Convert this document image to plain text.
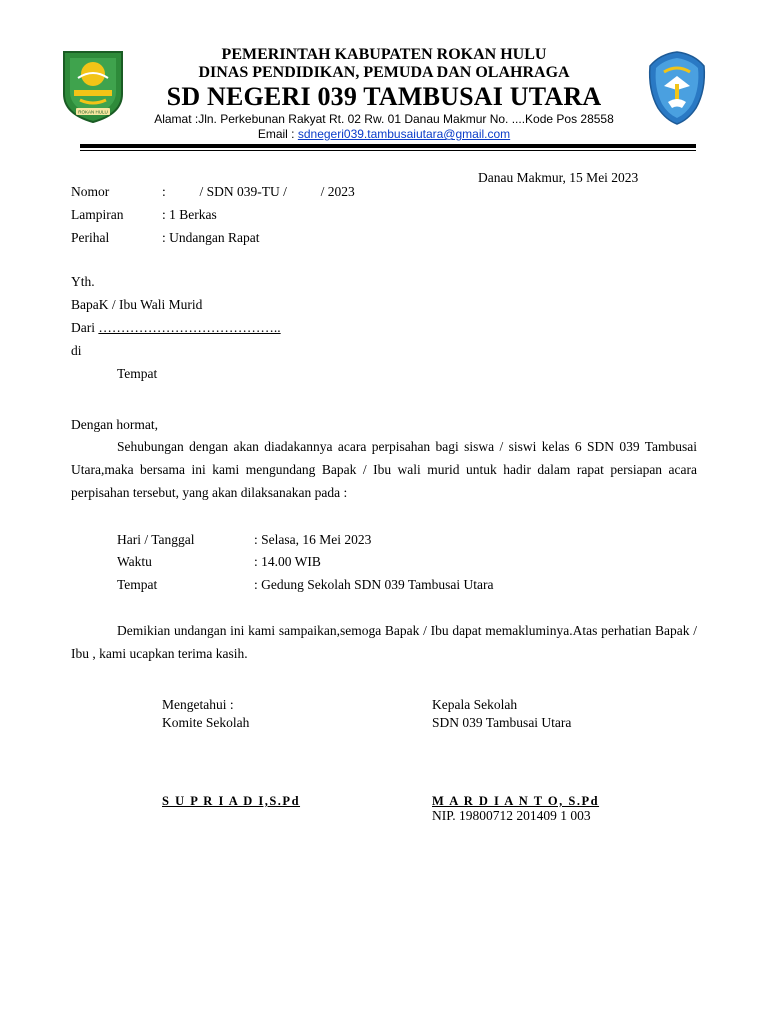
ROKAN HULU
PEMERINTAH KABUPATEN ROKAN HULU
DINAS PENDIDIKAN, PEMUDA DAN OLAHRAGA
SD NEGERI 039 TAMBUSAI UTARA
Alamat :Jln. Perkebunan Rakyat Rt. 02 Rw. 01 Danau Makmur No. ....Kode Pos 28558
Email : sdnegeri039.tambusaiutara@gmail.com
Danau Makmur, 15 Mei 2023
Nomor	:          / SDN 039-TU /          / 2023
Lampiran	: 1 Berkas
Perihal	: Undangan Rapat
Yth.
BapaK / Ibu Wali Murid
Dari …………………………………..
di
Tempat
Dengan hormat,
Sehubungan dengan akan diadakannya acara perpisahan bagi siswa / siswi kelas 6 SDN 039 Tambusai Utara,maka bersama ini kami mengundang Bapak / Ibu wali murid untuk hadir dalam rapat persiapan acara perpisahan tersebut, yang akan dilaksanakan pada :
Hari / Tanggal	: Selasa, 16 Mei 2023
Waktu	: 14.00 WIB
Tempat	: Gedung Sekolah SDN 039 Tambusai Utara
Demikian undangan ini kami sampaikan,semoga Bapak / Ibu dapat memakluminya.Atas perhatian Bapak / Ibu , kami ucapkan terima kasih.
Mengetahui :
Komite Sekolah
Kepala Sekolah
SDN 039 Tambusai Utara
S U P R I A D I,S.Pd	M A R D I A N T O, S.Pd
NIP. 19800712 201409 1 003
